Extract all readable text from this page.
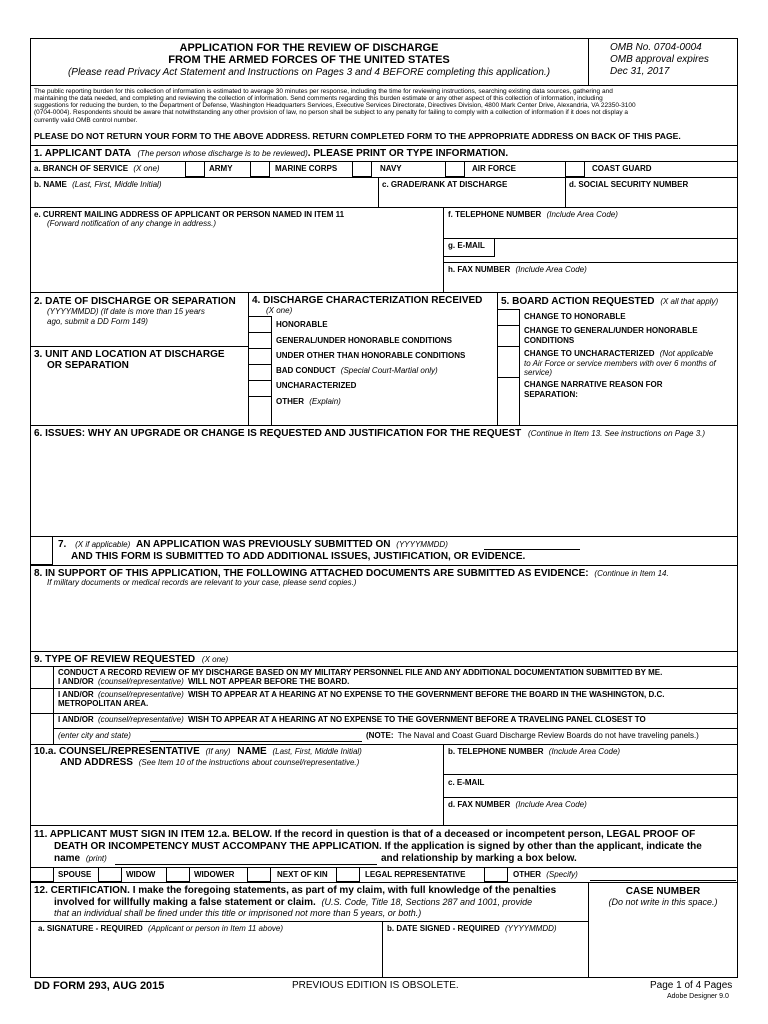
APPLICATION FOR THE REVIEW OF DISCHARGE
FROM THE ARMED FORCES OF THE UNITED STATES
(Please read Privacy Act Statement and Instructions on Pages 3 and 4 BEFORE completing this application.)
OMB No. 0704-0004
OMB approval expires
Dec 31, 2017
The public reporting burden for this collection of information is estimated to average 30 minutes per response, including the time for reviewing instructions, searching existing data sources, gathering and
maintaining the data needed, and completing and reviewing the collection of information. Send comments regarding this burden estimate or any other aspect of this collection of information, including
suggestions for reducing the burden, to the Department of Defense, Washington Headquarters Services, Executive Services Directorate, Directives Division, 4800 Mark Center Drive, Alexandria, VA 22350-3100
(0704-0004). Respondents should be aware that notwithstanding any other provision of law, no person shall be subject to any penalty for failing to comply with a collection of information if it does not display a
currently valid OMB control number.
PLEASE DO NOT RETURN YOUR FORM TO THE ABOVE ADDRESS. RETURN COMPLETED FORM TO THE APPROPRIATE ADDRESS ON BACK OF THIS PAGE.
1. APPLICANT DATA (The person whose discharge is to be reviewed). PLEASE PRINT OR TYPE INFORMATION.
a. BRANCH OF SERVICE (X one)	ARMY	MARINE CORPS	NAVY	AIR FORCE	COAST GUARD
b. NAME (Last, First, Middle Initial)	c. GRADE/RANK AT DISCHARGE	d. SOCIAL SECURITY NUMBER
e. CURRENT MAILING ADDRESS OF APPLICANT OR PERSON NAMED IN ITEM 11
(Forward notification of any change in address.)
f. TELEPHONE NUMBER (Include Area Code)
g. E-MAIL
h. FAX NUMBER (Include Area Code)
2. DATE OF DISCHARGE OR SEPARATION
(YYYYMMDD) (If date is more than 15 years
ago, submit a DD Form 149)
3. UNIT AND LOCATION AT DISCHARGE
OR SEPARATION
4. DISCHARGE CHARACTERIZATION RECEIVED
(X one)
HONORABLE
GENERAL/UNDER HONORABLE CONDITIONS
UNDER OTHER THAN HONORABLE CONDITIONS
BAD CONDUCT (Special Court-Martial only)
UNCHARACTERIZED
OTHER (Explain)
5. BOARD ACTION REQUESTED (X all that apply)
CHANGE TO HONORABLE
CHANGE TO GENERAL/UNDER HONORABLE
CONDITIONS
CHANGE TO UNCHARACTERIZED (Not applicable
to Air Force or service members with over 6 months of
service)
CHANGE NARRATIVE REASON FOR
SEPARATION:
6. ISSUES: WHY AN UPGRADE OR CHANGE IS REQUESTED AND JUSTIFICATION FOR THE REQUEST (Continue in Item 13. See instructions on Page 3.)
7. (X if applicable) AN APPLICATION WAS PREVIOUSLY SUBMITTED ON (YYYYMMDD)
AND THIS FORM IS SUBMITTED TO ADD ADDITIONAL ISSUES, JUSTIFICATION, OR EVIDENCE.
8. IN SUPPORT OF THIS APPLICATION, THE FOLLOWING ATTACHED DOCUMENTS ARE SUBMITTED AS EVIDENCE: (Continue in Item 14.
If military documents or medical records are relevant to your case, please send copies.)
9. TYPE OF REVIEW REQUESTED (X one)
CONDUCT A RECORD REVIEW OF MY DISCHARGE BASED ON MY MILITARY PERSONNEL FILE AND ANY ADDITIONAL DOCUMENTATION SUBMITTED BY ME.
I AND/OR (counsel/representative) WILL NOT APPEAR BEFORE THE BOARD.
I AND/OR (counsel/representative) WISH TO APPEAR AT A HEARING AT NO EXPENSE TO THE GOVERNMENT BEFORE THE BOARD IN THE WASHINGTON, D.C.
METROPOLITAN AREA.
I AND/OR (counsel/representative) WISH TO APPEAR AT A HEARING AT NO EXPENSE TO THE GOVERNMENT BEFORE A TRAVELING PANEL CLOSEST TO
(enter city and state)	(NOTE: The Naval and Coast Guard Discharge Review Boards do not have traveling panels.)
10.a. COUNSEL/REPRESENTATIVE (If any) NAME (Last, First, Middle Initial)
AND ADDRESS (See Item 10 of the instructions about counsel/representative.)
b. TELEPHONE NUMBER (Include Area Code)
c. E-MAIL
d. FAX NUMBER (Include Area Code)
11. APPLICANT MUST SIGN IN ITEM 12.a. BELOW. If the record in question is that of a deceased or incompetent person, LEGAL PROOF OF
DEATH OR INCOMPETENCY MUST ACCOMPANY THE APPLICATION. If the application is signed by other than the applicant, indicate the
name (print)	and relationship by marking a box below.
SPOUSE	WIDOW	WIDOWER	NEXT OF KIN	LEGAL REPRESENTATIVE	OTHER (Specify)
12. CERTIFICATION. I make the foregoing statements, as part of my claim, with full knowledge of the penalties
involved for willfully making a false statement or claim. (U.S. Code, Title 18, Sections 287 and 1001, provide
that an individual shall be fined under this title or imprisoned not more than 5 years, or both.)
CASE NUMBER
(Do not write in this space.)
a. SIGNATURE - REQUIRED (Applicant or person in Item 11 above)	b. DATE SIGNED - REQUIRED (YYYYMMDD)
DD FORM 293, AUG 2015	PREVIOUS EDITION IS OBSOLETE.	Page 1 of 4 Pages
Adobe Designer 9.0
